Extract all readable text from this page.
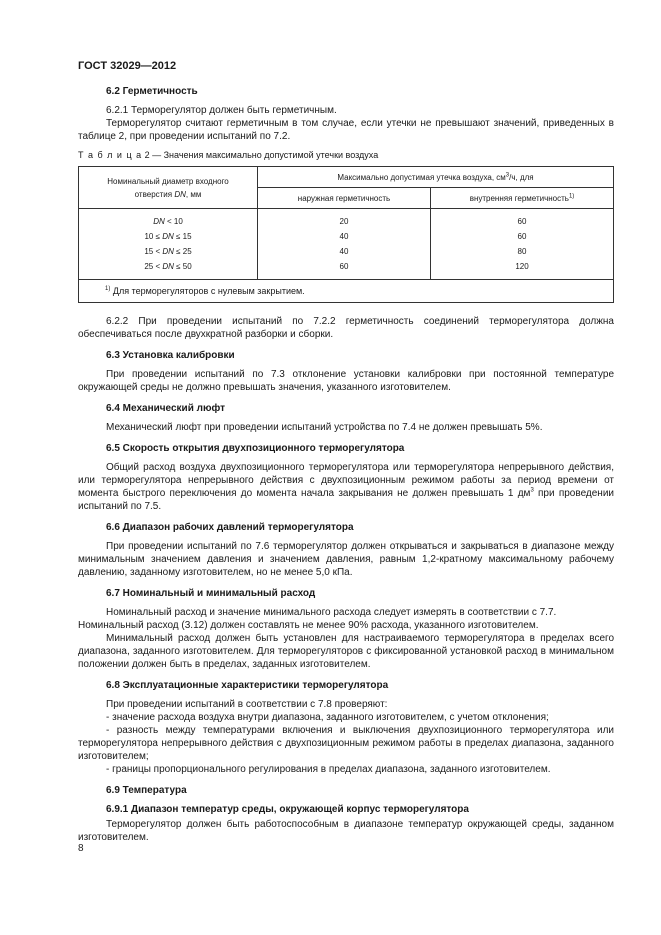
ГОСТ 32029—2012

6.2 Герметичность

6.2.1 Терморегулятор должен быть герметичным.

Терморегулятор считают герметичным в том случае, если утечки не превышают значений, приведенных в таблице 2, при проведении испытаний по 7.2.

Т а б л и ц а 2 — Значения максимально допустимой утечки воздуха
Номинальный диаметр входного
отверстия DN, мм	Максимально допустимая утечка воздуха, $см^3/ч$, для	
	наружная герметичность	внутренняя герметичность$^{1)}$
DN < 10	20	60
10 ≤ DN ≤ 15	40	60
15 < DN ≤ 25	40	80
25 < DN ≤ 50	60	120
$^{1)}$ Для терморегуляторов с нулевым закрытием.		

6.2.2 При проведении испытаний по 7.2.2 герметичность соединений терморегулятора должна обеспечиваться после двухкратной разборки и сборки.

6.3 Установка калибровки

При проведении испытаний по 7.3 отклонение установки калибровки при постоянной температуре окружающей среды не должно превышать значения, указанного изготовителем.

6.4 Механический люфт

Механический люфт при проведении испытаний устройства по 7.4 не должен превышать 5%.

6.5 Скорость открытия двухпозиционного терморегулятора

Общий расход воздуха двухпозиционного терморегулятора или терморегулятора непрерывного действия, или терморегулятора непрерывного действия с двухпозиционным режимом работы за период времени от момента быстрого переключения до момента начала закрывания не должен превышать 1 $дм^3$ при проведении испытаний по 7.5.

6.6 Диапазон рабочих давлений терморегулятора

При проведении испытаний по 7.6 терморегулятор должен открываться и закрываться в диапазоне между минимальным значением давления и значением давления, равным 1,2-кратному максимальному рабочему давлению, заданному изготовителем, но не менее 5,0 кПа.

6.7 Номинальный и минимальный расход

Номинальный расход и значение минимального расхода следует измерять в соответствии с 7.7.

Номинальный расход (3.12) должен составлять не менее 90% расхода, указанного изготовителем.

Минимальный расход должен быть установлен для настраиваемого терморегулятора в пределах всего диапазона, заданного изготовителем. Для терморегуляторов с фиксированной установкой расход в минимальном положении должен быть в пределах, заданных изготовителем.

6.8 Эксплуатационные характеристики терморегулятора

При проведении испытаний в соответствии с 7.8 проверяют:

- значение расхода воздуха внутри диапазона, заданного изготовителем, с учетом отклонения;

- разность между температурами включения и выключения двухпозиционного терморегулятора или терморегулятора непрерывного действия с двухпозиционным режимом работы в пределах диапазона, заданного изготовителем;

- границы пропорционального регулирования в пределах диапазона, заданного изготовителем.

6.9 Температура

6.9.1 Диапазон температур среды, окружающей корпус терморегулятора

Терморегулятор должен быть работоспособным в диапазоне температур окружающей среды, заданном изготовителем.

8
